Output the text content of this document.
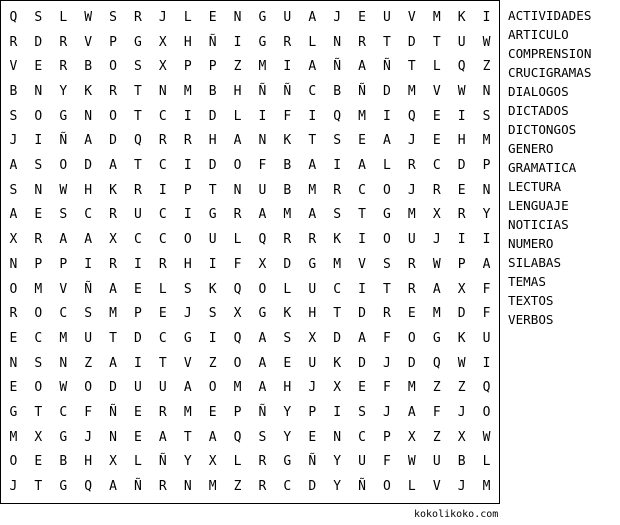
Q	S	L	W	S	R	J	L	E	N	G	U	A	J	E	U	V	M	K	I
R	D	R	V	P	G	X	H	Ñ	I	G	R	L	N	R	T	D	T	U	W
V	E	R	B	O	S	X	P	P	Z	M	I	A	Ñ	A	Ñ	T	L	Q	Z
B	N	Y	K	R	T	N	M	B	H	Ñ	Ñ	C	B	Ñ	D	M	V	W	N
S	O	G	N	O	T	C	I	D	L	I	F	I	Q	M	I	Q	E	I	S
J	I	Ñ	A	D	Q	R	R	H	A	N	K	T	S	E	A	J	E	H	M
A	S	O	D	A	T	C	I	D	O	F	B	A	I	A	L	R	C	D	P
S	N	W	H	K	R	I	P	T	N	U	B	M	R	C	O	J	R	E	N
A	E	S	C	R	U	C	I	G	R	A	M	A	S	T	G	M	X	R	Y
X	R	A	A	X	C	C	O	U	L	Q	R	R	K	I	O	U	J	I	I
N	P	P	I	R	I	R	H	I	F	X	D	G	M	V	S	R	W	P	A
O	M	V	Ñ	A	E	L	S	K	Q	O	L	U	C	I	T	R	A	X	F
R	O	C	S	M	P	E	J	S	X	G	K	H	T	D	R	E	M	D	F
E	C	M	U	T	D	C	G	I	Q	A	S	X	D	A	F	O	G	K	U
N	S	N	Z	A	I	T	V	Z	O	A	E	U	K	D	J	D	Q	W	I
E	O	W	O	D	U	U	A	O	M	A	H	J	X	E	F	M	Z	Z	Q
G	T	C	F	Ñ	E	R	M	E	P	Ñ	Y	P	I	S	J	A	F	J	O
M	X	G	J	N	E	A	T	A	Q	S	Y	E	N	C	P	X	Z	X	W
O	E	B	H	X	L	Ñ	Y	X	L	R	G	Ñ	Y	U	F	W	U	B	L
J	T	G	Q	A	Ñ	R	N	M	Z	R	C	D	Y	Ñ	O	L	V	J	M
ACTIVIDADES
ARTICULO
COMPRENSION
CRUCIGRAMAS
DIALOGOS
DICTADOS
DICTONGOS
GENERO
GRAMATICA
LECTURA
LENGUAJE
NOTICIAS
NUMERO
SILABAS
TEMAS
TEXTOS
VERBOS
kokolikoko.com
